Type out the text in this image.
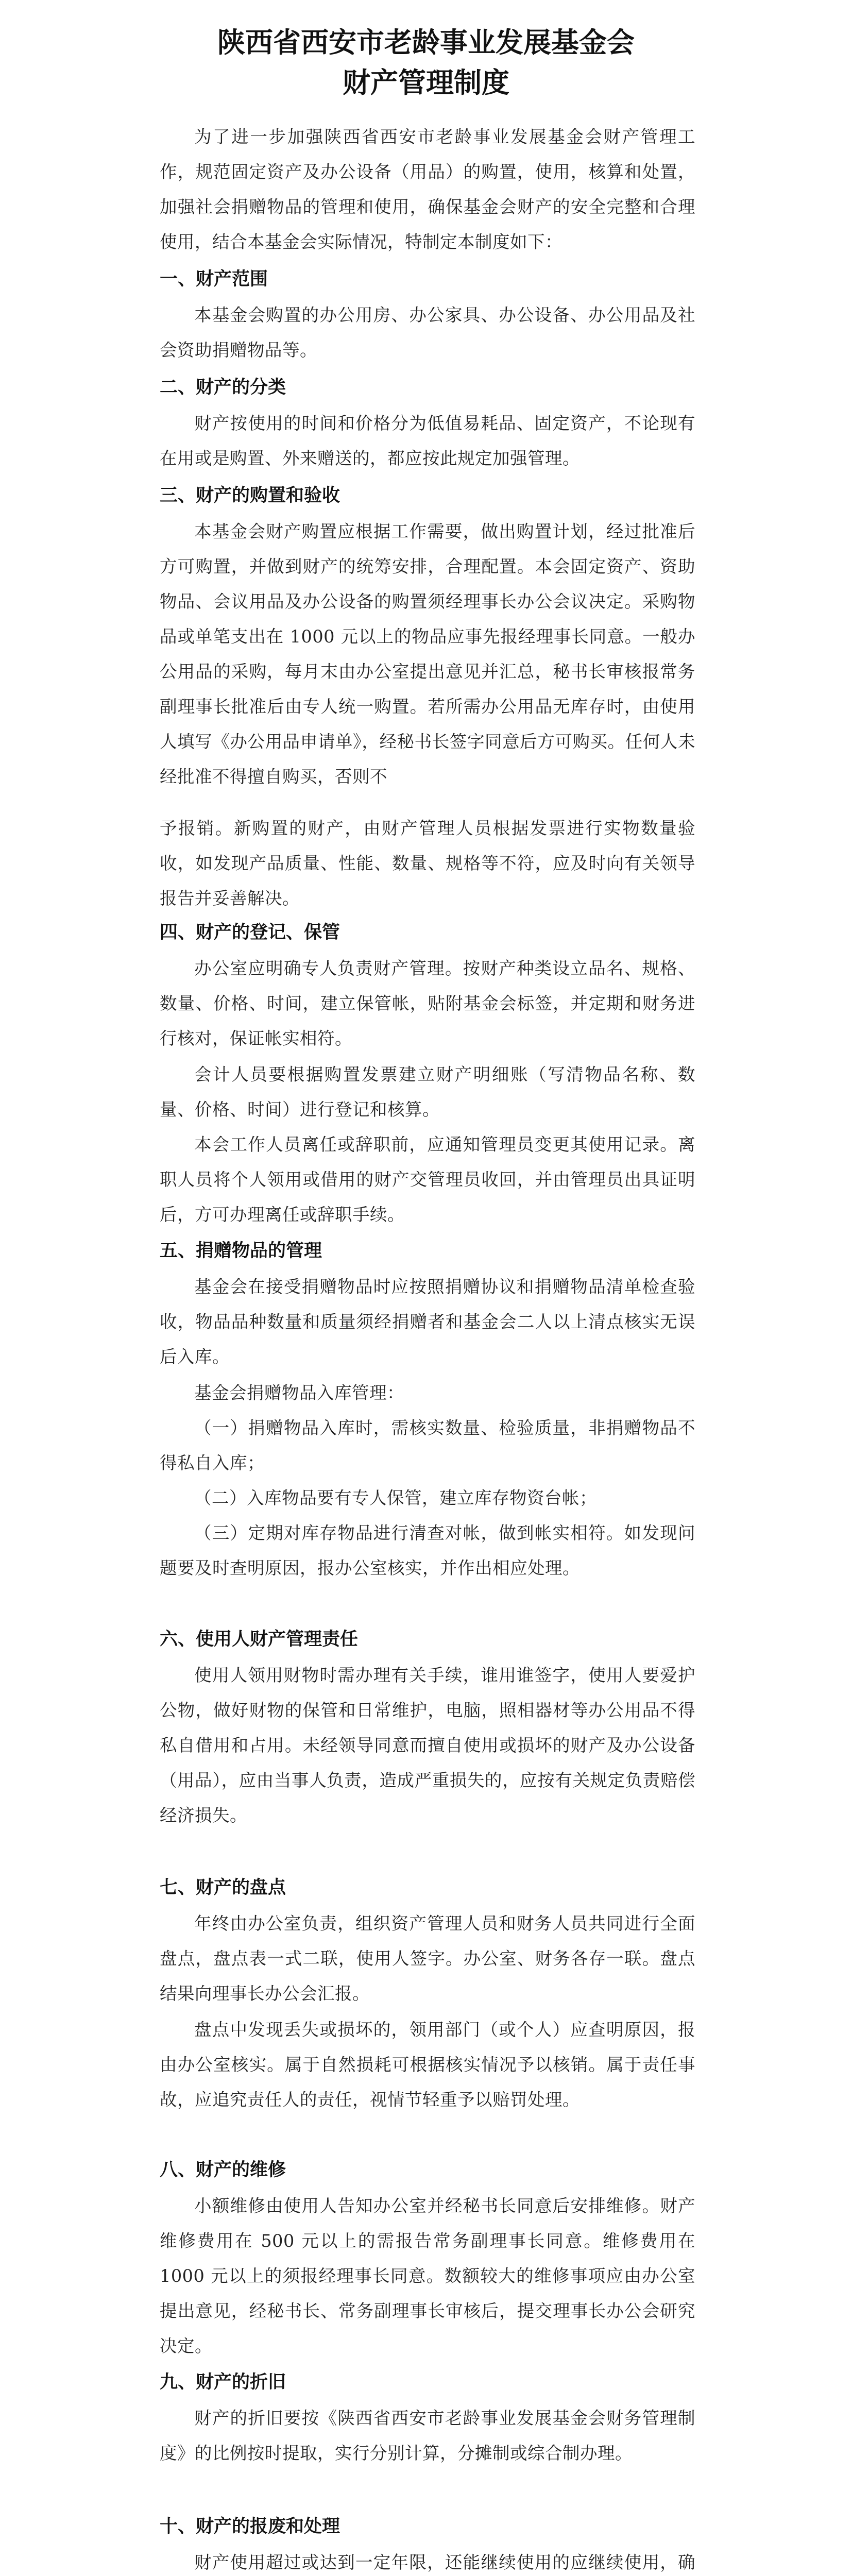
陕西省西安市老龄事业发展基金会
财产管理制度

为了进一步加强陕西省西安市老龄事业发展基金会财产管理工作，规范固定资产及办公设备（用品）的购置，使用，核算和处置，加强社会捐赠物品的管理和使用，确保基金会财产的安全完整和合理使用，结合本基金会实际情况，特制定本制度如下：

一、财产范围

本基金会购置的办公用房、办公家具、办公设备、办公用品及社会资助捐赠物品等。

二、财产的分类

财产按使用的时间和价格分为低值易耗品、固定资产，不论现有在用或是购置、外来赠送的，都应按此规定加强管理。

三、财产的购置和验收

本基金会财产购置应根据工作需要，做出购置计划，经过批准后方可购置，并做到财产的统筹安排，合理配置。本会固定资产、资助物品、会议用品及办公设备的购置须经理事长办公会议决定。采购物品或单笔支出在 1000 元以上的物品应事先报经理事长同意。一般办公用品的采购，每月末由办公室提出意见并汇总，秘书长审核报常务副理事长批准后由专人统一购置。若所需办公用品无库存时，由使用人填写《办公用品申请单》，经秘书长签字同意后方可购买。任何人未经批准不得擅自购买，否则不

予报销。新购置的财产，由财产管理人员根据发票进行实物数量验收，如发现产品质量、性能、数量、规格等不符，应及时向有关领导报告并妥善解决。

四、财产的登记、保管

办公室应明确专人负责财产管理。按财产种类设立品名、规格、数量、价格、时间，建立保管帐，贴附基金会标签，并定期和财务进行核对，保证帐实相符。

会计人员要根据购置发票建立财产明细账（写清物品名称、数量、价格、时间）进行登记和核算。

本会工作人员离任或辞职前，应通知管理员变更其使用记录。离职人员将个人领用或借用的财产交管理员收回，并由管理员出具证明后，方可办理离任或辞职手续。

五、捐赠物品的管理

基金会在接受捐赠物品时应按照捐赠协议和捐赠物品清单检查验收，物品品种数量和质量须经捐赠者和基金会二人以上清点核实无误后入库。

基金会捐赠物品入库管理：

（一）捐赠物品入库时，需核实数量、检验质量，非捐赠物品不得私自入库；

（二）入库物品要有专人保管，建立库存物资台帐；

（三）定期对库存物品进行清查对帐，做到帐实相符。如发现问题要及时查明原因，报办公室核实，并作出相应处理。

六、使用人财产管理责任

使用人领用财物时需办理有关手续，谁用谁签字，使用人要爱护公物，做好财物的保管和日常维护，电脑，照相器材等办公用品不得私自借用和占用。未经领导同意而擅自使用或损坏的财产及办公设备（用品），应由当事人负责，造成严重损失的，应按有关规定负责赔偿经济损失。

七、财产的盘点

年终由办公室负责，组织资产管理人员和财务人员共同进行全面盘点，盘点表一式二联，使用人签字。办公室、财务各存一联。盘点结果向理事长办公会汇报。

盘点中发现丢失或损坏的，领用部门（或个人）应查明原因，报由办公室核实。属于自然损耗可根据核实情况予以核销。属于责任事故，应追究责任人的责任，视情节轻重予以赔罚处理。

八、财产的维修

小额维修由使用人告知办公室并经秘书长同意后安排维修。财产维修费用在 500 元以上的需报告常务副理事长同意。维修费用在 1000 元以上的须报经理事长同意。数额较大的维修事项应由办公室提出意见，经秘书长、常务副理事长审核后，提交理事长办公会研究决定。

九、财产的折旧

财产的折旧要按《陕西省西安市老龄事业发展基金会财务管理制度》的比例按时提取，实行分别计算，分摊制或综合制办理。

十、财产的报废和处理

财产使用超过或达到一定年限，还能继续使用的应继续使用，确
